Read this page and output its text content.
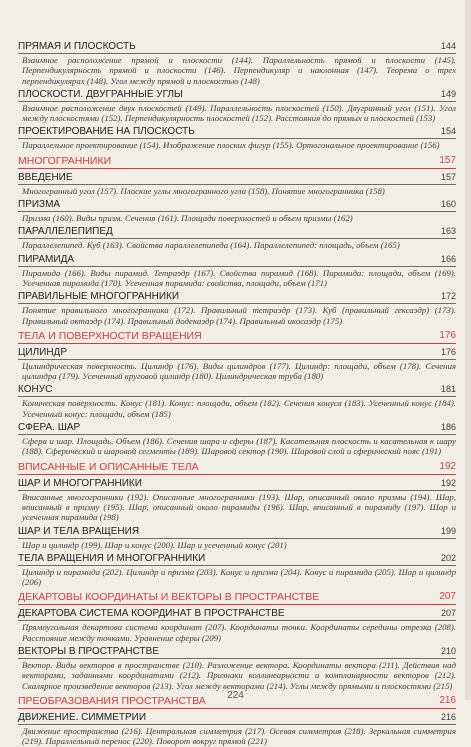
ПРЯМАЯ И ПЛОСКОСТЬ	144
Взаимное расположение прямой и плоскости (144). Параллельность прямой и плоскости (145). Перпендикулярность прямой и плоскости (146). Перпендикуляр и наклонная (147). Теорема о трех перпендикулярах (148). Угол между прямой и плоскостью (148)
ПЛОСКОСТИ. ДВУГРАННЫЕ УГЛЫ	149
Взаимное расположение двух плоскостей (149). Параллельность плоскостей (150). Двугранный угол (151). Угол между плоскостями (152). Перпендикулярность плоскостей (152). Расстояния до прямых и плоскостей (153)
ПРОЕКТИРОВАНИЕ НА ПЛОСКОСТЬ	154
Параллельное проектирование (154). Изображение плоских фигур (155). Ортогональное проектирование (156)
МНОГОГРАННИКИ	157
ВВЕДЕНИЕ	157
Многогранный угол (157). Плоские углы многогранного угла (158). Понятие многогранника (158)
ПРИЗМА	160
Призма (160). Виды призм. Сечения (161). Площади поверхностей и объем призмы (162)
ПАРАЛЛЕЛЕПИПЕД	163
Параллелепипед. Куб (163). Свойства параллелепипеда (164). Параллелепипед: площадь, объем (165)
ПИРАМИДА	166
Пирамида (166). Виды пирамид. Тетраэдр (167). Свойства пирамид (168). Пирамида: площади, объем (169). Усеченная пирамида (170). Усеченная пирамида: свойства, площади, объем (171)
ПРАВИЛЬНЫЕ МНОГОГРАННИКИ	172
Понятие правильного многогранника (172). Правильный тетраэдр (173). Куб (правильный гексаэдр) (173). Правильный октаэдр (174). Правильный додекаэдр (174). Правильный икосаэдр (175)
ТЕЛА И ПОВЕРХНОСТИ ВРАЩЕНИЯ	176
ЦИЛИНДР	176
Цилиндрическая поверхность. Цилиндр (176). Виды цилиндров (177). Цилиндр: площади, объем (178). Сечения цилиндра (179). Усеченный круговой цилиндр (180). Цилиндрическая труба (180)
КОНУС	181
Коническая поверхность. Конус (181). Конус: площади, объем (182). Сечения конуса (183). Усеченный конус (184). Усеченный конус: площади, объем (185)
СФЕРА. ШАР	186
Сфера и шар. Площадь. Объем (186). Сечения шара и сферы (187). Касательная плоскость и касательная к шару (188). Сферический и шаровой сегменты (189). Шаровой сектор (190). Шаровой слой и сферический пояс (191)
ВПИСАННЫЕ И ОПИСАННЫЕ ТЕЛА	192
ШАР И МНОГОГРАННИКИ	192
Вписанные многогранники (192). Описанные многогранники (193). Шар, описанный около призмы (194). Шар, вписанный в призму (195). Шар, описанный около пирамиды (196). Шар, вписанный в пирамиду (197). Шар и усеченная пирамида (198)
ШАР И ТЕЛА ВРАЩЕНИЯ	199
Шар и цилиндр (199). Шар и конус (200). Шар и усеченный конус (201)
ТЕЛА ВРАЩЕНИЯ И МНОГОГРАННИКИ	202
Цилиндр и пирамида (202). Цилиндр и призма (203). Конус и призма (204). Конус и пирамида (205). Шар и цилиндр (206)
ДЕКАРТОВЫ КООРДИНАТЫ И ВЕКТОРЫ В ПРОСТРАНСТВЕ	207
ДЕКАРТОВА СИСТЕМА КООРДИНАТ В ПРОСТРАНСТВЕ	207
Прямоугольная декартова система координат (207). Координаты точки. Координаты середины отрезка (208). Расстояние между точками. Уравнение сферы (209)
ВЕКТОРЫ В ПРОСТРАНСТВЕ	210
Вектор. Виды векторов в пространстве (210). Разложение вектора. Координаты вектора (211). Действия над векторами, заданными координатами (212). Признаки коллинеарности и компланарности векторов (212). Скалярное произведение векторов (213). Угол между векторами (214). Углы между прямыми и плоскостями (215)
ПРЕОБРАЗОВАНИЯ ПРОСТРАНСТВА	216
ДВИЖЕНИЕ. СИММЕТРИИ	216
Движение пространства (216). Центральная симметрия (217). Осевая симметрия (218). Зеркальная симметрия (219). Параллельный перенос (220). Поворот вокруг прямой (221)
224
